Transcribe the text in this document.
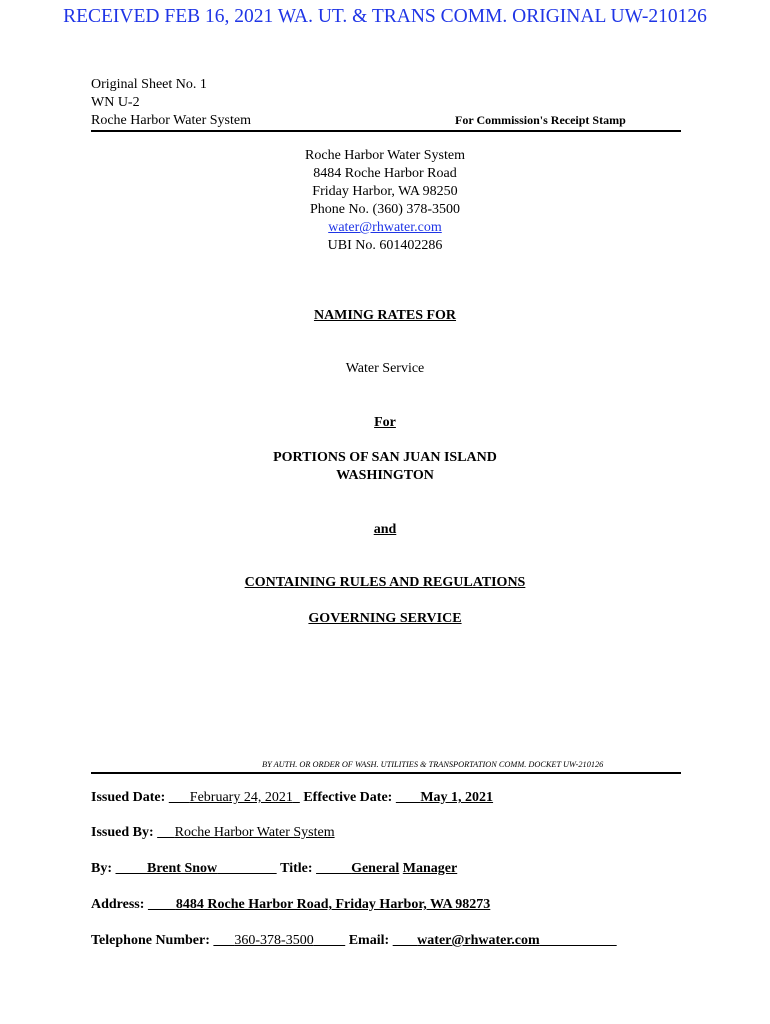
RECEIVED FEB 16, 2021 WA. UT. & TRANS COMM. ORIGINAL UW-210126
Original Sheet No. 1
WN U-2
Roche Harbor Water System	For Commission's Receipt Stamp
Roche Harbor Water System
8484 Roche Harbor Road
Friday Harbor, WA 98250
Phone No. (360) 378-3500
water@rhwater.com
UBI No. 601402286
NAMING RATES FOR
Water Service
For
PORTIONS OF SAN JUAN ISLAND
WASHINGTON
and
CONTAINING RULES AND REGULATIONS
GOVERNING SERVICE
BY AUTH. OR ORDER OF WASH. UTILITIES & TRANSPORTATION COMM. DOCKET UW-210126
Issued Date: February 24, 2021 Effective Date: May 1, 2021
Issued By: Roche Harbor Water System
By:	Brent Snow	Title:	General Manager
Address: 8484 Roche Harbor Road, Friday Harbor, WA 98273
Telephone Number: 360-378-3500	Email: water@rhwater.com
